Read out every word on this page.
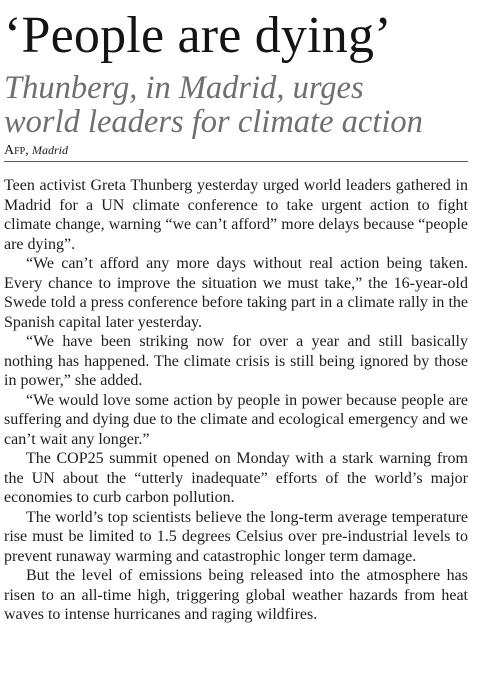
‘People are dying’
Thunberg, in Madrid, urges
world leaders for climate action
Afp, Madrid

Teen activist Greta Thunberg yesterday urged world leaders gathered in Madrid for a UN climate conference to take urgent action to fight climate change, warning “we can’t afford” more delays because “people are dying”.

“We can’t afford any more days without real action being taken. Every chance to improve the situation we must take,” the 16-year-old Swede told a press conference before taking part in a climate rally in the Spanish capital later yesterday.

“We have been striking now for over a year and still basically nothing has happened. The climate crisis is still being ignored by those in power,” she added.

“We would love some action by people in power because people are suffering and dying due to the climate and ecological emergency and we can’t wait any longer.”

The COP25 summit opened on Monday with a stark warning from the UN about the “utterly inadequate” efforts of the world’s major economies to curb carbon pollution.

The world’s top scientists believe the long-term average temperature rise must be limited to 1.5 degrees Celsius over pre-industrial levels to prevent runaway warming and catastrophic longer term damage.

But the level of emissions being released into the atmosphere has risen to an all-time high, triggering global weather hazards from heat waves to intense hurricanes and raging wildfires.
